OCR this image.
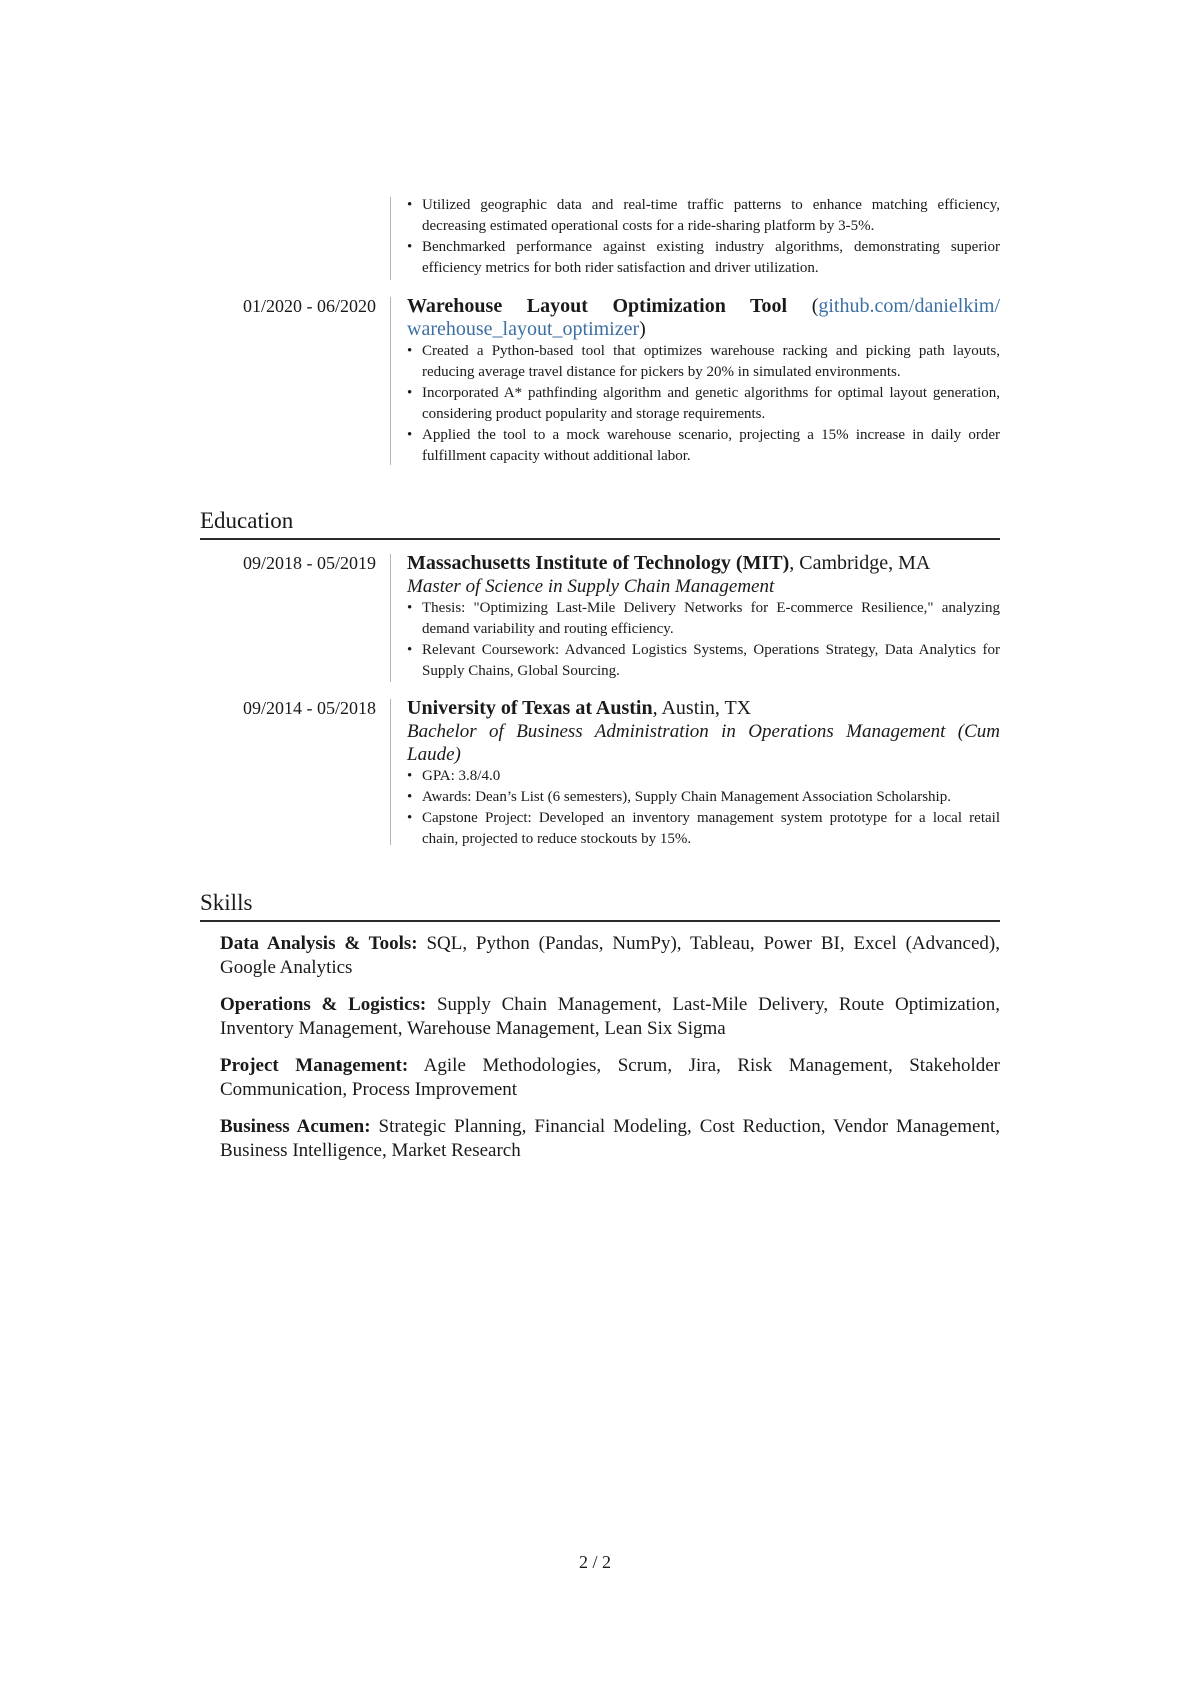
• Utilized geographic data and real-time traffic patterns to enhance matching efficiency, decreasing estimated operational costs for a ride-sharing platform by 3-5%.
• Benchmarked performance against existing industry algorithms, demonstrating superior efficiency metrics for both rider satisfaction and driver utilization.
01/2020 - 06/2020 Warehouse Layout Optimization Tool (github.com/danielkim/ warehouse_layout_optimizer)
• Created a Python-based tool that optimizes warehouse racking and picking path layouts, reducing average travel distance for pickers by 20% in simulated environments.
• Incorporated A* pathfinding algorithm and genetic algorithms for optimal layout generation, considering product popularity and storage requirements.
• Applied the tool to a mock warehouse scenario, projecting a 15% increase in daily order fulfillment capacity without additional labor.
Education
09/2018 - 05/2019 Massachusetts Institute of Technology (MIT), Cambridge, MA
Master of Science in Supply Chain Management
• Thesis: "Optimizing Last-Mile Delivery Networks for E-commerce Resilience," analyzing demand variability and routing efficiency.
• Relevant Coursework: Advanced Logistics Systems, Operations Strategy, Data Analytics for Supply Chains, Global Sourcing.
09/2014 - 05/2018 University of Texas at Austin, Austin, TX
Bachelor of Business Administration in Operations Management (Cum Laude)
• GPA: 3.8/4.0
• Awards: Dean’s List (6 semesters), Supply Chain Management Association Scholarship.
• Capstone Project: Developed an inventory management system prototype for a local retail chain, projected to reduce stockouts by 15%.
Skills
Data Analysis & Tools: SQL, Python (Pandas, NumPy), Tableau, Power BI, Excel (Advanced), Google Analytics
Operations & Logistics: Supply Chain Management, Last-Mile Delivery, Route Optimization, Inventory Management, Warehouse Management, Lean Six Sigma
Project Management: Agile Methodologies, Scrum, Jira, Risk Management, Stakeholder Communication, Process Improvement
Business Acumen: Strategic Planning, Financial Modeling, Cost Reduction, Vendor Management, Business Intelligence, Market Research
2 / 2
